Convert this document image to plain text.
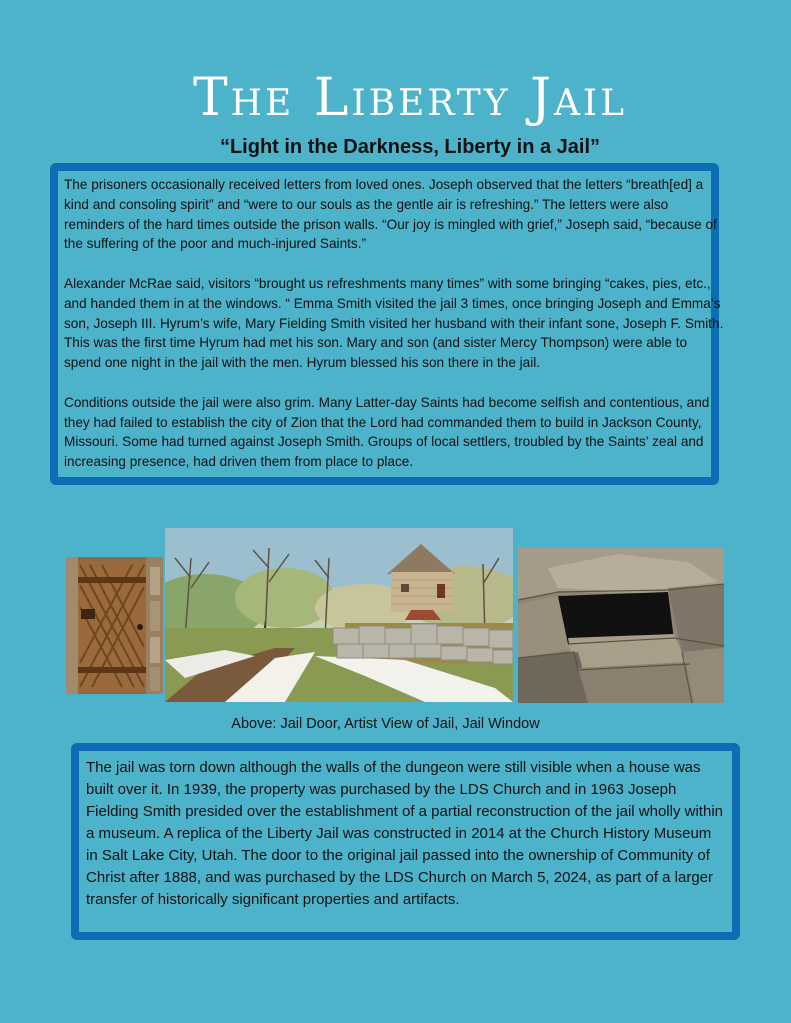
The Liberty Jail
“Light in the Darkness, Liberty in a Jail”

The prisoners occasionally received letters from loved ones. Joseph observed that the letters “breath[ed] a kind and consoling spirit” and “were to our souls as the gentle air is refreshing.” The letters were also reminders of the hard times outside the prison walls. “Our joy is mingled with grief,” Joseph said, “because of the suffering of the poor and much-injured Saints.”

Alexander McRae said, visitors “brought us refreshments many times” with some bringing “cakes, pies, etc., and handed them in at the windows. “ Emma Smith visited the jail 3 times, once bringing Joseph and Emma’s son, Joseph III. Hyrum’s wife, Mary Fielding Smith visited her husband with their infant sone, Joseph F. Smith. This was the first time Hyrum had met his son. Mary and son (and sister Mercy Thompson) were able to spend one night in the jail with the men. Hyrum blessed his son there in the jail.

Conditions outside the jail were also grim. Many Latter-day Saints had become selfish and contentious, and they had failed to establish the city of Zion that the Lord had commanded them to build in Jackson County, Missouri. Some had turned against Joseph Smith. Groups of local settlers, troubled by the Saints’ zeal and increasing presence, had driven them from place to place.

Above: Jail Door, Artist View of Jail, Jail Window
The jail was torn down although the walls of the dungeon were still visible when a house was built over it. In 1939, the property was purchased by the LDS Church and in 1963 Joseph Fielding Smith presided over the establishment of a partial reconstruction of the jail wholly within a museum. A replica of the Liberty Jail was constructed in 2014 at the Church History Museum in Salt Lake City, Utah. The door to the original jail passed into the ownership of Community of Christ after 1888, and was purchased by the LDS Church on March 5, 2024, as part of a larger transfer of historically significant properties and artifacts.
